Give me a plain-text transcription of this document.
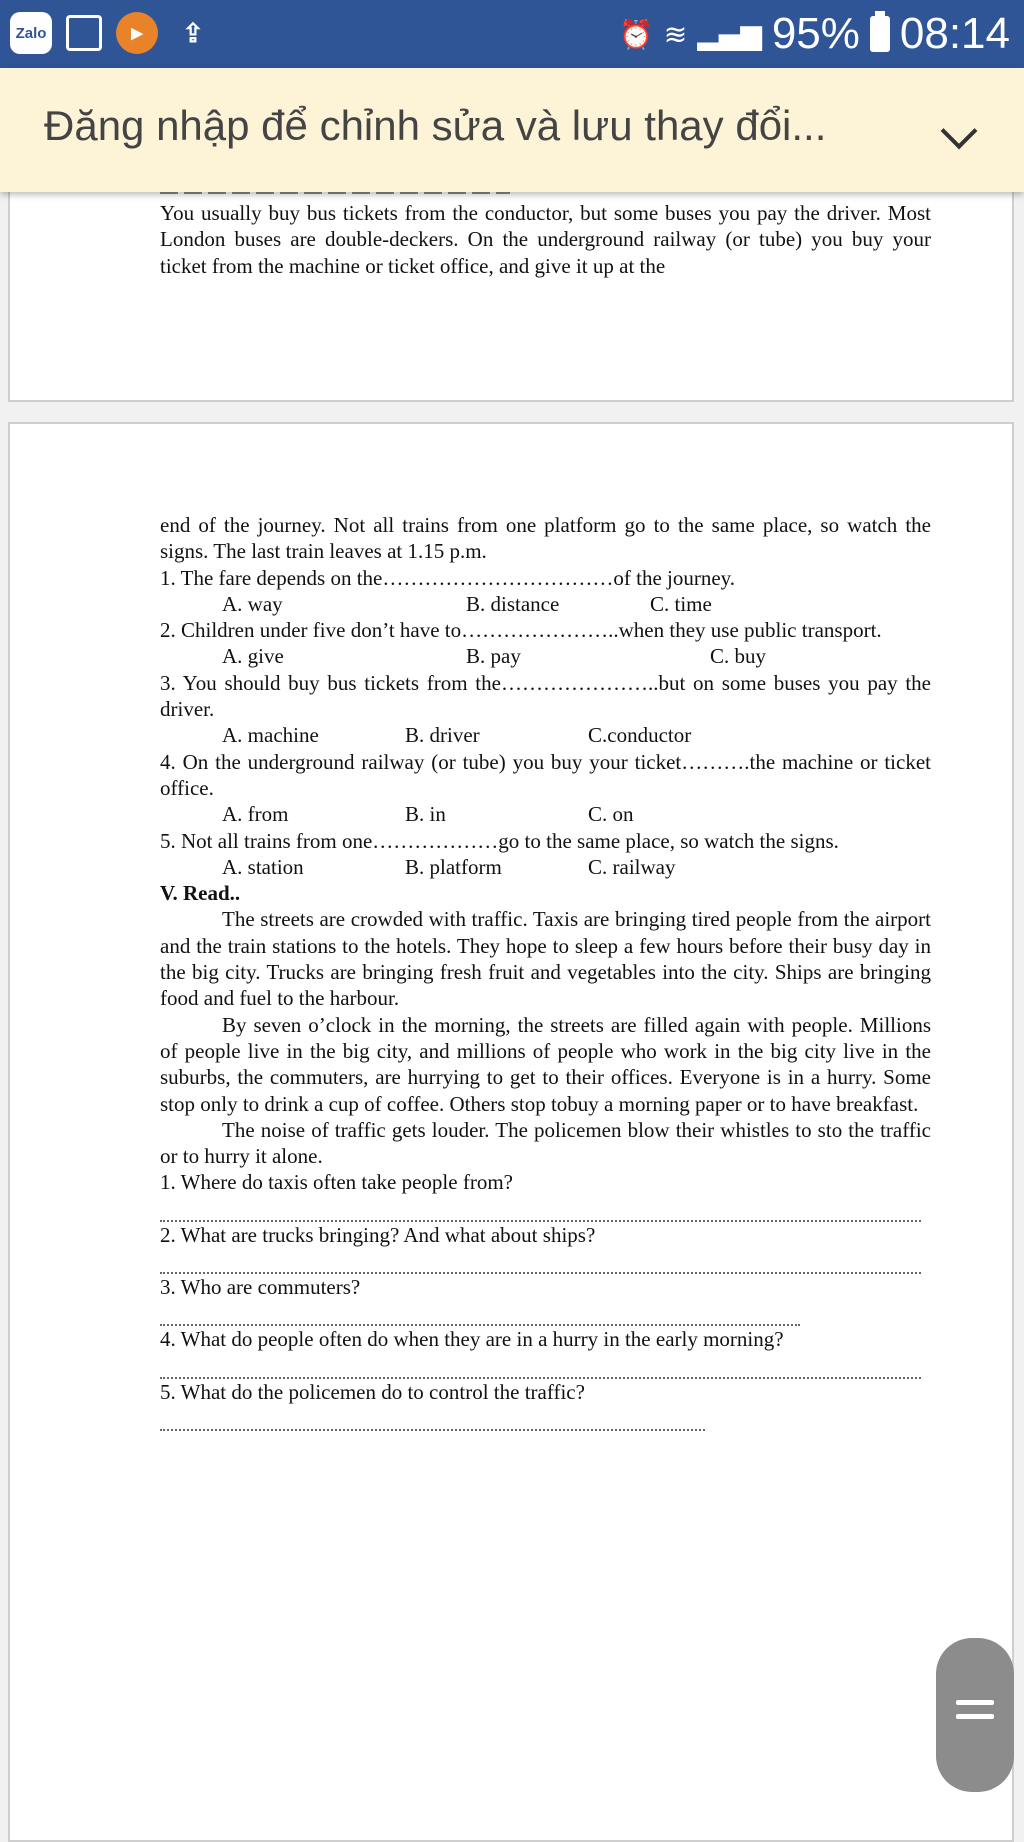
Zalo	▶	⇪	⏰ ≋ ▂▄▆ 95% 08:14
Đăng nhập để chỉnh sửa và lưu thay đổi...

You usually buy bus tickets from the conductor, but some buses you pay the driver. Most London buses are double-deckers. On the underground railway (or tube) you buy your ticket from the machine or ticket office, and give it up at the

end of the journey. Not all trains from one platform go to the same place, so watch the signs. The last train leaves at 1.15 p.m.

1. The fare depends on the……………………………of the journey.

A. way	B. distance	C. time

2. Children under five don’t have to…………………..when they use public transport.

A. give	B. pay	C. buy

3. You should buy bus tickets from the…………………..but on some buses you pay the driver.

A. machine	B. driver	C.conductor

4. On the underground railway (or tube) you buy your ticket……….the machine or ticket office.

A. from	B. in	C. on

5. Not all trains from one………………go to the same place, so watch the signs.

A. station	B. platform	C. railway

V. Read..

The streets are crowded with traffic. Taxis are bringing tired people from the airport and the train stations to the hotels. They hope to sleep a few hours before their busy day in the big city. Trucks are bringing fresh fruit and vegetables into the city. Ships are bringing food and fuel to the harbour.

By seven o’clock in the morning, the streets are filled again with people. Millions of people live in the big city, and millions of people who work in the big city live in the suburbs, the commuters, are hurrying to get to their offices. Everyone is in a hurry. Some stop only to drink a cup of coffee. Others stop tobuy a morning paper or to have breakfast.

The noise of traffic gets louder. The policemen blow their whistles to sto the traffic or to hurry it alone.

1. Where do taxis often take people from?

2. What are trucks bringing? And what about ships?

3. Who are commuters?

4. What do people often do when they are in a hurry in the early morning?

5. What do the policemen do to control the traffic?
